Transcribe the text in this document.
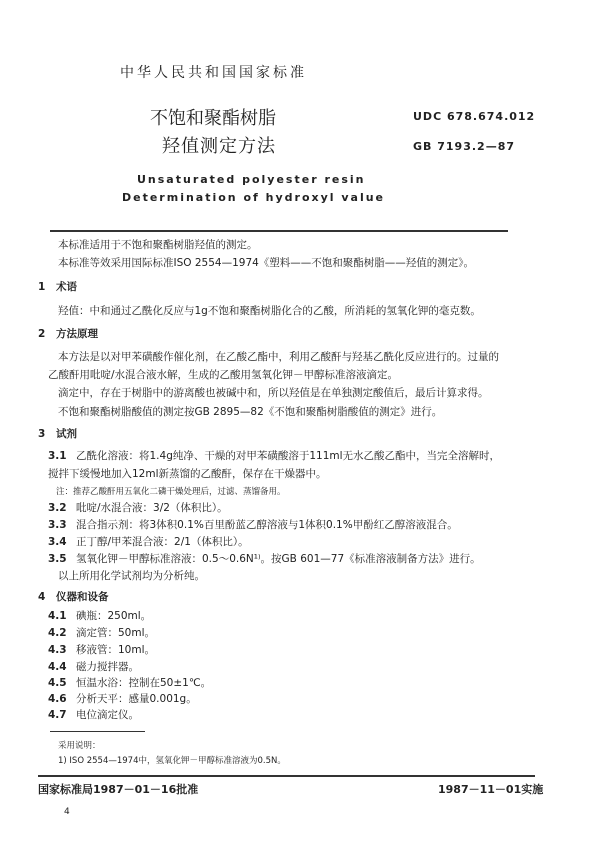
中华人民共和国国家标准
不饱和聚酯树脂
羟值测定方法
UDC 678.674.012
GB 7193.2—87
Unsaturated polyester resin
Determination of hydroxyl value
本标准适用于不饱和聚酯树脂羟值的测定。
本标准等效采用国际标准ISO 2554—1974《塑料——不饱和聚酯树脂——羟值的测定》。
1 术语
羟值：中和通过乙酰化反应与1g不饱和聚酯树脂化合的乙酸，所消耗的氢氧化钾的毫克数。
2 方法原理
本方法是以对甲苯磺酸作催化剂，在乙酸乙酯中，利用乙酸酐与羟基乙酰化反应进行的。过量的
乙酸酐用吡啶/水混合液水解，生成的乙酸用氢氧化钾－甲醇标准溶液滴定。
滴定中，存在于树脂中的游离酸也被碱中和，所以羟值是在单独测定酸值后，最后计算求得。
不饱和聚酯树脂酸值的测定按GB 2895—82《不饱和聚酯树脂酸值的测定》进行。
3 试剂
3.1 乙酰化溶液：将1.4g纯净、干燥的对甲苯磺酸溶于111ml无水乙酸乙酯中，当完全溶解时，
搅拌下缓慢地加入12ml新蒸馏的乙酸酐，保存在干燥器中。
注：推荐乙酸酐用五氧化二磷干燥处理后，过滤、蒸馏备用。
3.2 吡啶/水混合液：3/2（体积比）。
3.3 混合指示剂：将3体积0.1%百里酚蓝乙醇溶液与1体积0.1%甲酚红乙醇溶液混合。
3.4 正丁醇/甲苯混合液：2/1（体积比）。
3.5 氢氧化钾－甲醇标准溶液：0.5～0.6N¹⁾。按GB 601—77《标准溶液制备方法》进行。
以上所用化学试剂均为分析纯。
4 仪器和设备
4.1 碘瓶：250ml。
4.2 滴定管：50ml。
4.3 移液管：10ml。
4.4 磁力搅拌器。
4.5 恒温水浴：控制在50±1℃。
4.6 分析天平：感量0.001g。
4.7 电位滴定仪。
采用说明：
1) ISO 2554—1974中，氢氧化钾－甲醇标准溶液为0.5N。
国家标准局1987－01－16批准	1987－11－01实施
4
